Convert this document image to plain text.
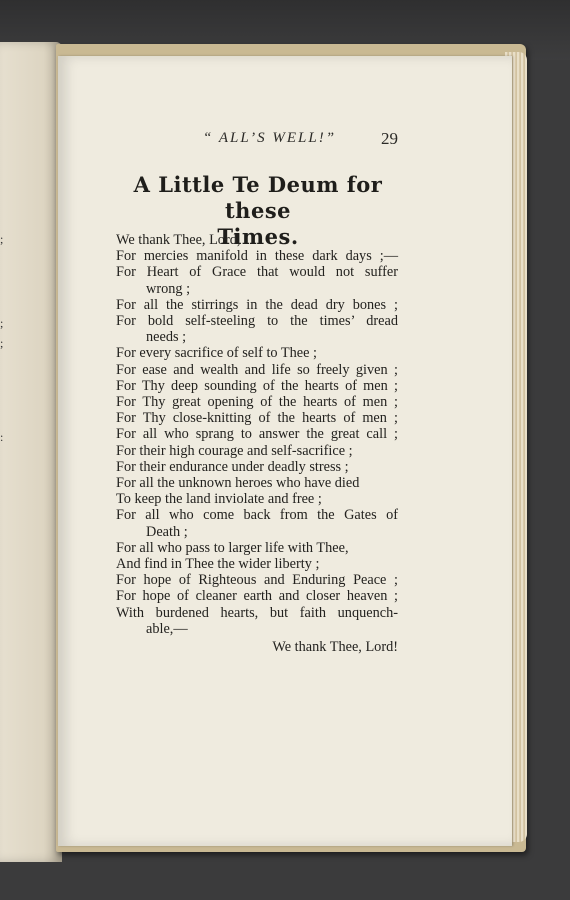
;
;
;
:
“ ALL’S WELL!”	29
A Little Te Deum for these
Times.
We thank Thee, Lord,
For mercies manifold in these dark days ;—
For Heart of Grace that would not suffer
wrong ;
For all the stirrings in the dead dry bones ;
For bold self-steeling to the times’ dread
needs ;
For every sacrifice of self to Thee ;
For ease and wealth and life so freely given ;
For Thy deep sounding of the hearts of men ;
For Thy great opening of the hearts of men ;
For Thy close-knitting of the hearts of men ;
For all who sprang to answer the great call ;
For their high courage and self-sacrifice ;
For their endurance under deadly stress ;
For all the unknown heroes who have died
To keep the land inviolate and free ;
For all who come back from the Gates of
Death ;
For all who pass to larger life with Thee,
And find in Thee the wider liberty ;
For hope of Righteous and Enduring Peace ;
For hope of cleaner earth and closer heaven ;
With burdened hearts, but faith unquench-
able,—
We thank Thee, Lord!
